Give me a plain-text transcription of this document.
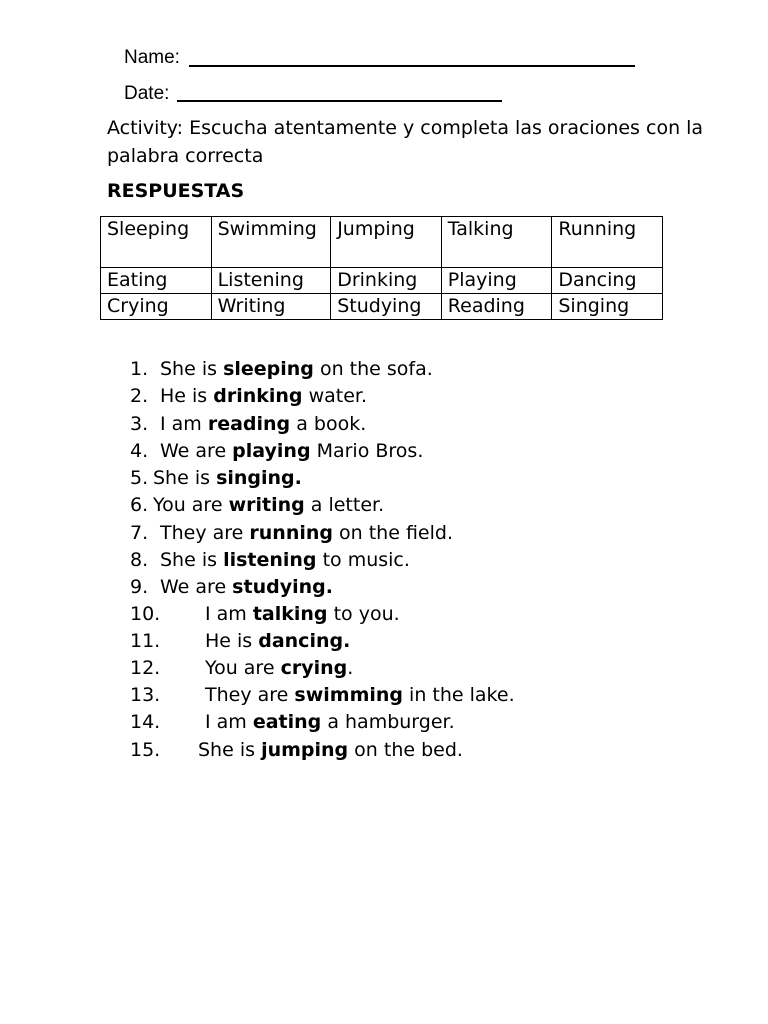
Name:
Date:
Activity: Escucha atentamente y completa las oraciones con la palabra correcta
RESPUESTAS
Sleeping	Swimming	Jumping	Talking	Running
Eating	Listening	Drinking	Playing	Dancing
Crying	Writing	Studying	Reading	Singing
1. She is sleeping on the sofa.
2. He is drinking water.
3. I am reading a book.
4. We are playing Mario Bros.
5. She is singing.
6. You are writing a letter.
7. They are running on the field.
8. She is listening to music.
9. We are studying.
10. I am talking to you.
11. He is dancing.
12. You are crying.
13. They are swimming in the lake.
14. I am eating a hamburger.
15. She is jumping on the bed.
